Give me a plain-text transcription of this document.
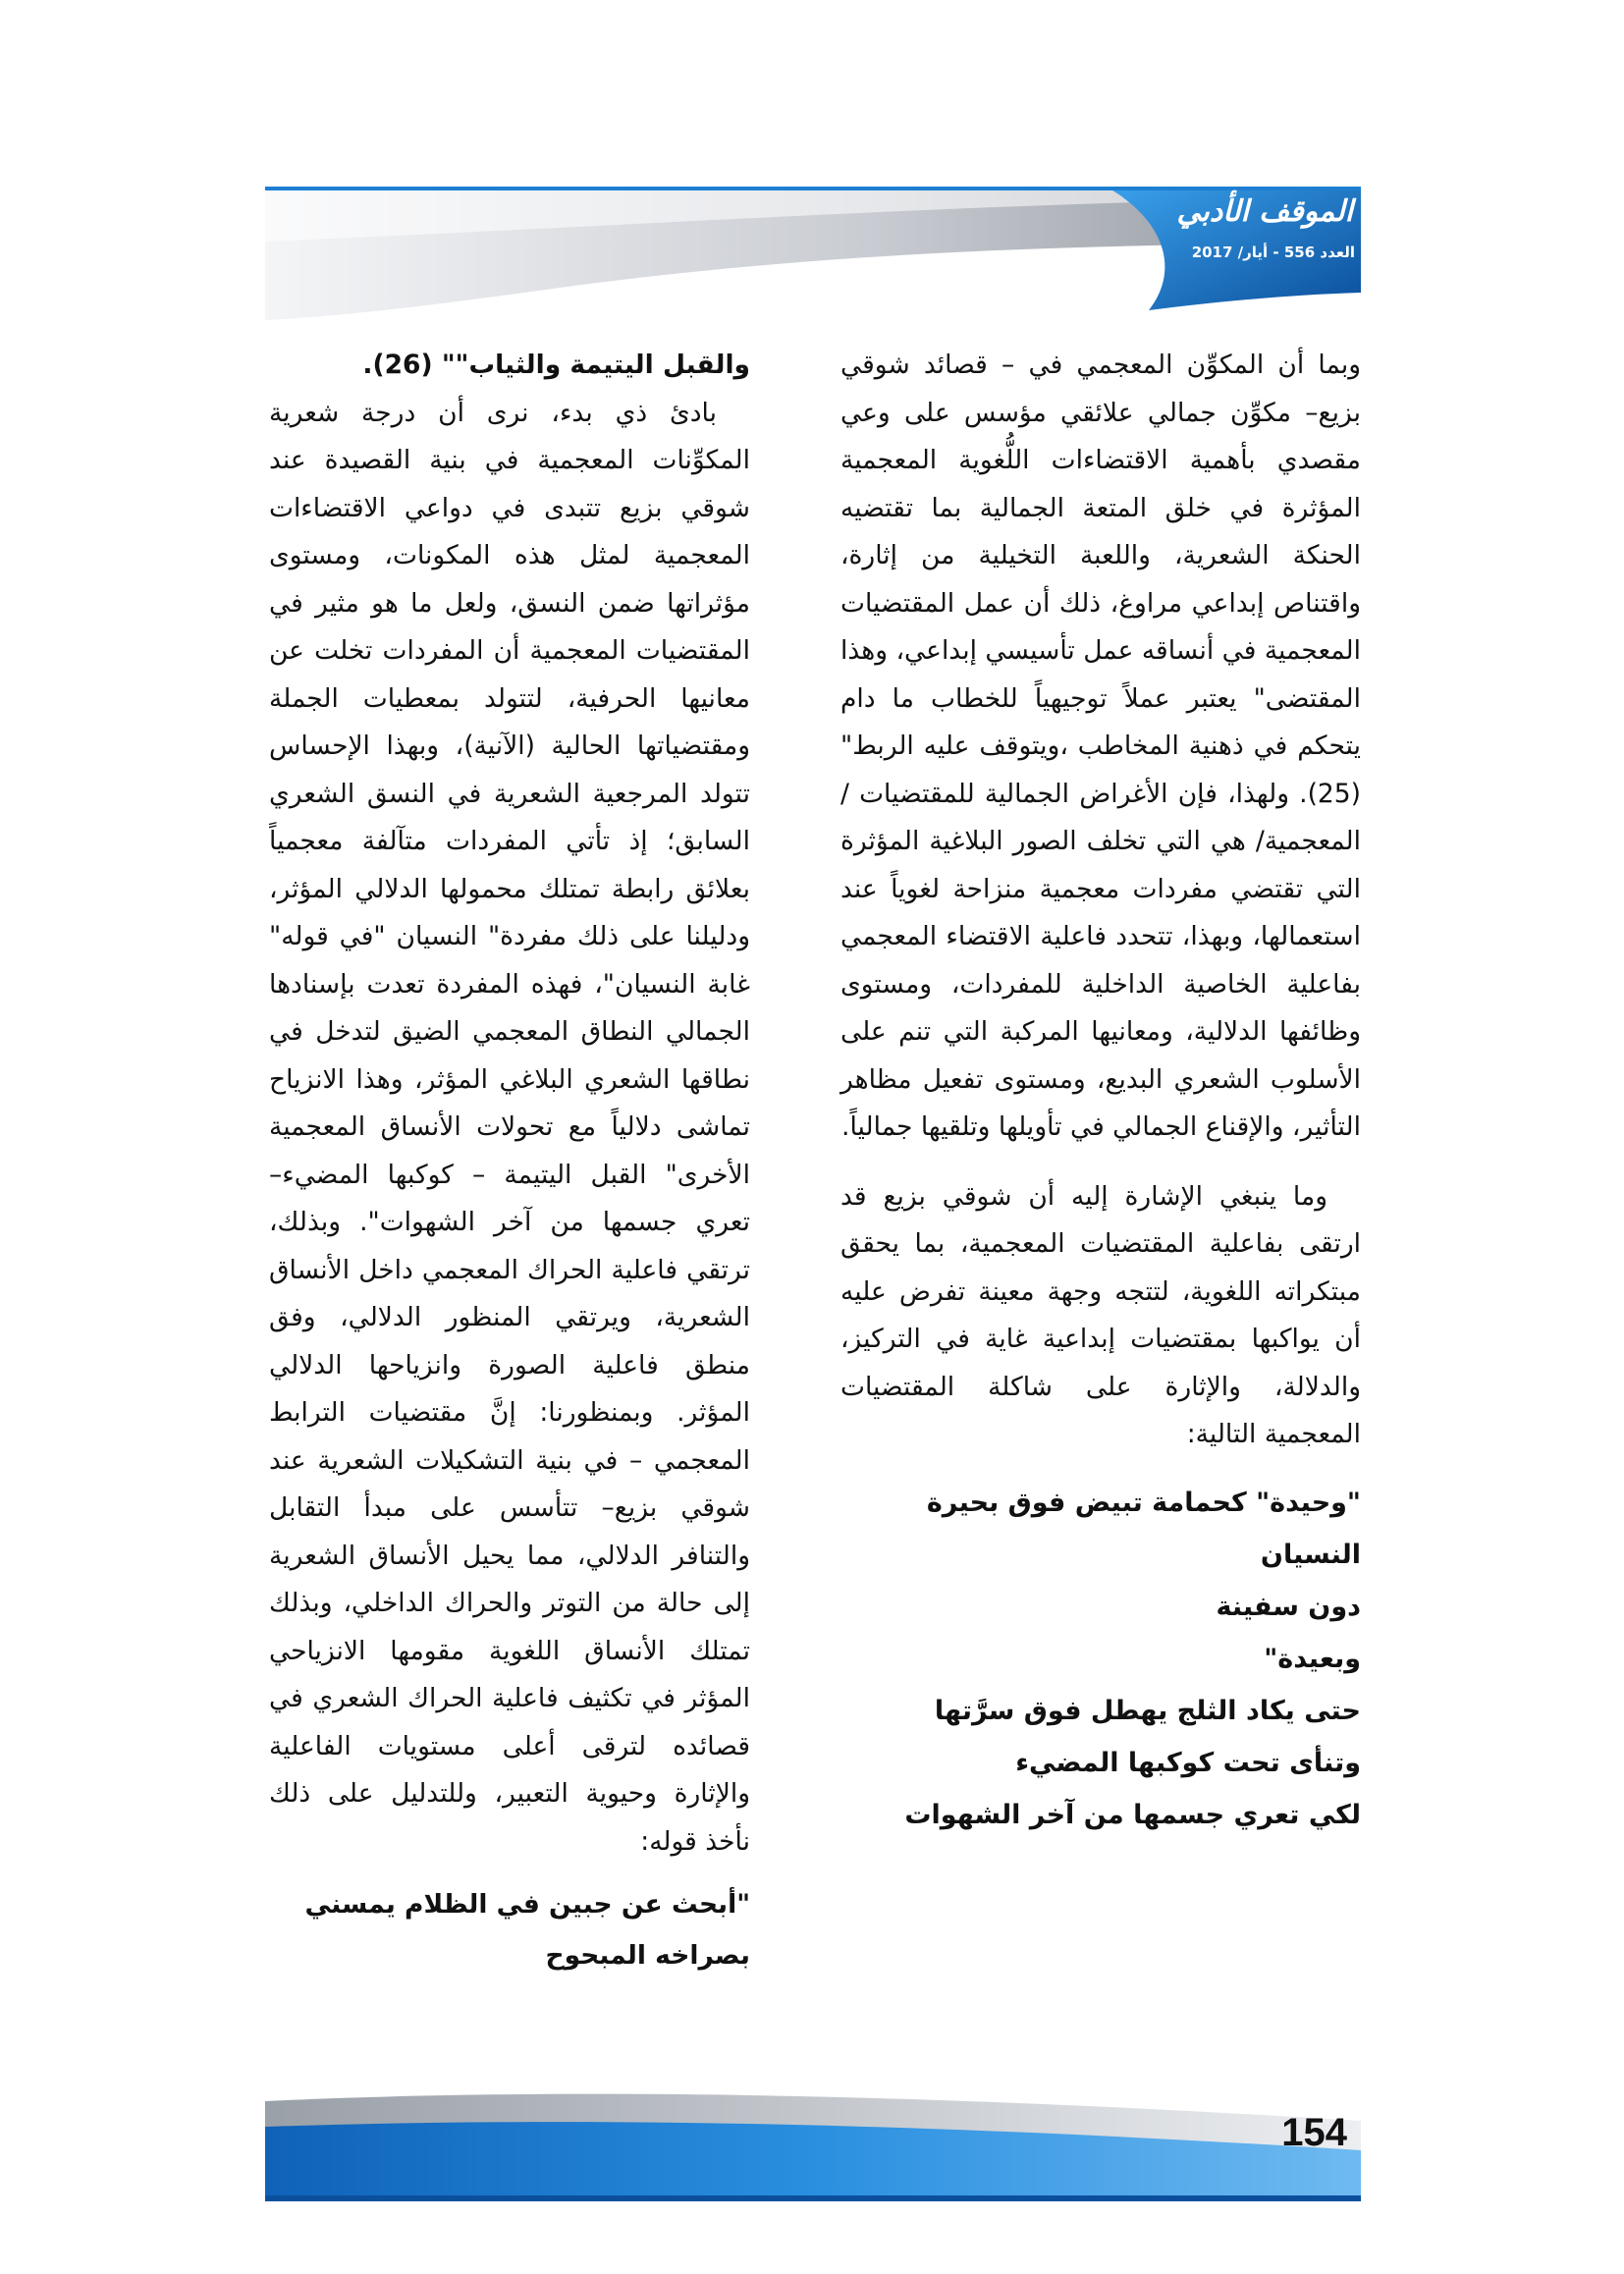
الموقف الأدبي
العدد 556 - أيار/ 2017

وبما أن المكوِّن المعجمي في – قصائد شوقي بزيع– مكوِّن جمالي علائقي مؤسس على وعي مقصدي بأهمية الاقتضاءات اللُّغوية المعجمية المؤثرة في خلق المتعة الجمالية بما تقتضيه الحنكة الشعرية، واللعبة التخيلية من إثارة، واقتناص إبداعي مراوغ، ذلك أن عمل المقتضيات المعجمية في أنساقه عمل تأسيسي إبداعي، وهذا المقتضى" يعتبر عملاً توجيهياً للخطاب ما دام يتحكم في ذهنية المخاطب ،ويتوقف عليه الربط"(25). ولهذا، فإن الأغراض الجمالية للمقتضيات /المعجمية/ هي التي تخلف الصور البلاغية المؤثرة التي تقتضي مفردات معجمية منزاحة لغوياً عند استعمالها، وبهذا، تتحدد فاعلية الاقتضاء المعجمي بفاعلية الخاصية الداخلية للمفردات، ومستوى وظائفها الدلالية، ومعانيها المركبة التي تنم على الأسلوب الشعري البديع، ومستوى تفعيل مظاهر التأثير، والإقناع الجمالي في تأويلها وتلقيها جمالياً.

وما ينبغي الإشارة إليه أن شوقي بزيع قد ارتقى بفاعلية المقتضيات المعجمية، بما يحقق مبتكراته اللغوية، لتتجه وجهة معينة تفرض عليه أن يواكبها بمقتضيات إبداعية غاية في التركيز، والدلالة، والإثارة على شاكلة المقتضيات المعجمية التالية:

"وحيدة" كحمامة تبيض فوق بحيرة
النسيان
دون سفينة
وبعيدة"
حتى يكاد الثلج يهطل فوق سرَّتها
وتنأى تحت كوكبها المضيء
لكي تعري جسمها من آخر الشهوات

والقبل اليتيمة والثياب"" (26).

بادئ ذي بدء، نرى أن درجة شعرية المكوِّنات المعجمية في بنية القصيدة عند شوقي بزيع تتبدى في دواعي الاقتضاءات المعجمية لمثل هذه المكونات، ومستوى مؤثراتها ضمن النسق، ولعل ما هو مثير في المقتضيات المعجمية أن المفردات تخلت عن معانيها الحرفية، لتتولد بمعطيات الجملة ومقتضياتها الحالية (الآنية)، وبهذا الإحساس تتولد المرجعية الشعرية في النسق الشعري السابق؛ إذ تأتي المفردات متآلفة معجمياً بعلائق رابطة تمتلك محمولها الدلالي المؤثر، ودليلنا على ذلك مفردة" النسيان "في قوله" غابة النسيان"، فهذه المفردة تعدت بإسنادها الجمالي النطاق المعجمي الضيق لتدخل في نطاقها الشعري البلاغي المؤثر، وهذا الانزياح تماشى دلالياً مع تحولات الأنساق المعجمية الأخرى" القبل اليتيمة – كوكبها المضيء– تعري جسمها من آخر الشهوات". وبذلك، ترتقي فاعلية الحراك المعجمي داخل الأنساق الشعرية، ويرتقي المنظور الدلالي، وفق منطق فاعلية الصورة وانزياحها الدلالي المؤثر. وبمنظورنا: إنَّ مقتضيات الترابط المعجمي – في بنية التشكيلات الشعرية عند شوقي بزيع– تتأسس على مبدأ التقابل والتنافر الدلالي، مما يحيل الأنساق الشعرية إلى حالة من التوتر والحراك الداخلي، وبذلك تمتلك الأنساق اللغوية مقومها الانزياحي المؤثر في تكثيف فاعلية الحراك الشعري في قصائده لترقى أعلى مستويات الفاعلية والإثارة وحيوية التعبير، وللتدليل على ذلك نأخذ قوله:

"أبحث عن جبين في الظلام يمسني
بصراخه المبحوح
154
